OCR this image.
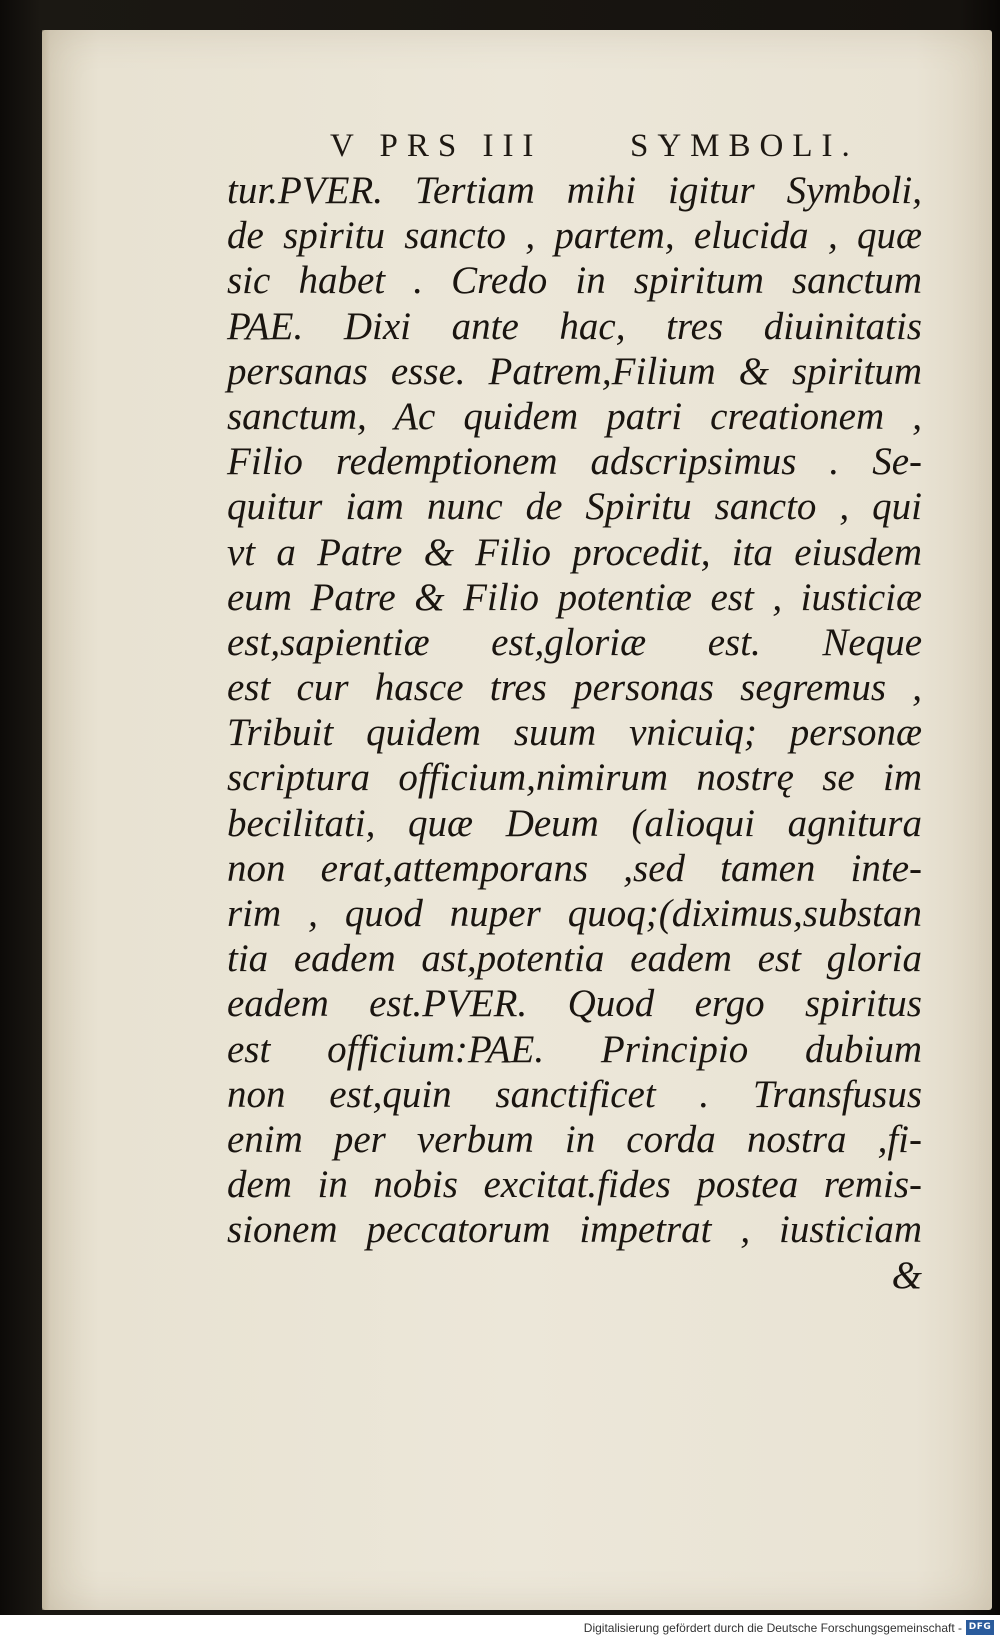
V PRS III	SYMBOLI.
tur.PVER. Tertiam mihi igitur Symboli,
de spiritu sancto , partem, elucida , quæ
sic habet . Credo in spiritum sanctum
PAE. Dixi ante hac, tres diuinitatis
persanas esse. Patrem,Filium & spiritum
sanctum, Ac quidem patri creationem ,
Filio redemptionem adscripsimus . Se-
quitur iam nunc de Spiritu sancto , qui
vt a Patre & Filio procedit, ita eiusdem
eum Patre & Filio potentiæ est , iusticiæ
est,sapientiæ est,gloriæ est. Neque
est cur hasce tres personas segremus ,
Tribuit quidem suum vnicuiq; personæ
scriptura officium,nimirum nostrę se im
becilitati, quæ Deum (alioqui agnitura
non erat,attemporans ,sed tamen inte-
rim , quod nuper quoq;(diximus,substan
tia eadem ast,potentia eadem est gloria
eadem est.PVER. Quod ergo spiritus
est officium:PAE. Principio dubium
non est,quin sanctificet . Transfusus
enim per verbum in corda nostra ,fi-
dem in nobis excitat.fides postea remis-
sionem peccatorum impetrat , iusticiam
&
Digitalisierung gefördert durch die Deutsche Forschungsgemeinschaft - DFG
